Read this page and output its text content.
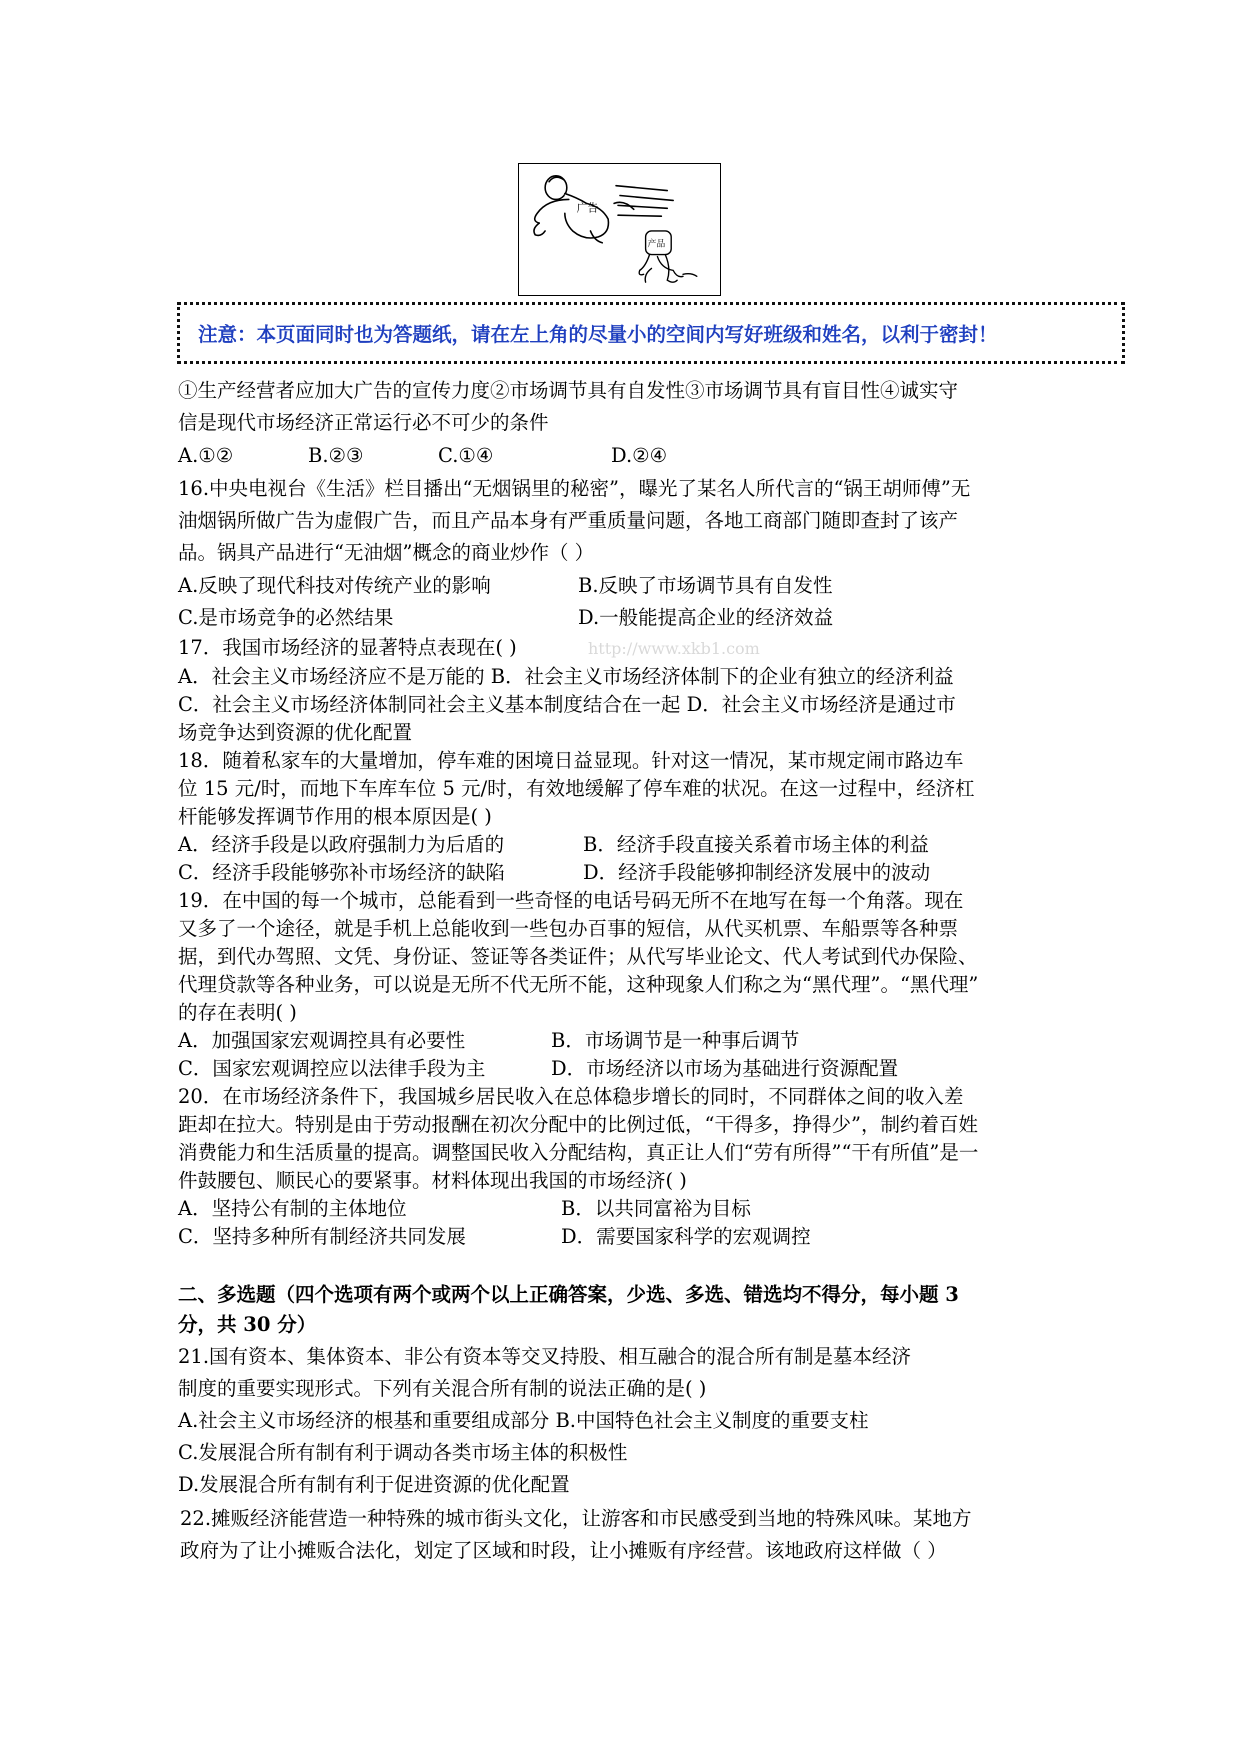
广告
产品
注意：本页面同时也为答题纸，请在左上角的尽量小的空间内写好班级和姓名，以利于密封！
①生产经营者应加大广告的宣传力度②市场调节具有自发性③市场调节具有盲目性④诚实守
信是现代市场经济正常运行必不可少的条件
A.①②	B.②③	C.①④	D.②④
16.中央电视台《生活》栏目播出“无烟锅里的秘密”，曝光了某名人所代言的“锅王胡师傅”无
油烟锅所做广告为虚假广告，而且产品本身有严重质量问题，各地工商部门随即查封了该产
品。锅具产品进行“无油烟”概念的商业炒作（ ）
A.反映了现代科技对传统产业的影响	B.反映了市场调节具有自发性
C.是市场竞争的必然结果	D.一般能提高企业的经济效益
17．我国市场经济的显著特点表现在( )	http://www.xkb1.com
A．社会主义市场经济应不是万能的 B．社会主义市场经济体制下的企业有独立的经济利益
C．社会主义市场经济体制同社会主义基本制度结合在一起 D．社会主义市场经济是通过市
场竞争达到资源的优化配置
18．随着私家车的大量增加，停车难的困境日益显现。针对这一情况，某市规定闹市路边车
位 15 元/时，而地下车库车位 5 元/时，有效地缓解了停车难的状况。在这一过程中，经济杠
杆能够发挥调节作用的根本原因是( )
A．经济手段是以政府强制力为后盾的	B．经济手段直接关系着市场主体的利益
C．经济手段能够弥补市场经济的缺陷	D．经济手段能够抑制经济发展中的波动
19．在中国的每一个城市，总能看到一些奇怪的电话号码无所不在地写在每一个角落。现在
又多了一个途径，就是手机上总能收到一些包办百事的短信，从代买机票、车船票等各种票
据，到代办驾照、文凭、身份证、签证等各类证件；从代写毕业论文、代人考试到代办保险、
代理贷款等各种业务，可以说是无所不代无所不能，这种现象人们称之为“黑代理”。“黑代理”
的存在表明( )
A．加强国家宏观调控具有必要性	B．市场调节是一种事后调节
C．国家宏观调控应以法律手段为主	D．市场经济以市场为基础进行资源配置
20．在市场经济条件下，我国城乡居民收入在总体稳步增长的同时，不同群体之间的收入差
距却在拉大。特别是由于劳动报酬在初次分配中的比例过低，“干得多，挣得少”，制约着百姓
消费能力和生活质量的提高。调整国民收入分配结构，真正让人们“劳有所得”“干有所值”是一
件鼓腰包、顺民心的要紧事。材料体现出我国的市场经济( )
A．坚持公有制的主体地位	B．以共同富裕为目标
C．坚持多种所有制经济共同发展	D．需要国家科学的宏观调控
二、多选题（四个选项有两个或两个以上正确答案，少选、多选、错选均不得分，每小题 3
分，共 30 分）
21.国有资本、集体资本、非公有资本等交叉持股、相互融合的混合所有制是墓本经济
制度的重要实现形式。下列有关混合所有制的说法正确的是( )
A.社会主义市场经济的根基和重要组成部分 B.中国特色社会主义制度的重要支柱
C.发展混合所有制有利于调动各类市场主体的积极性
D.发展混合所有制有利于促进资源的优化配置
22.摊贩经济能营造一种特殊的城市街头文化，让游客和市民感受到当地的特殊风味。某地方
政府为了让小摊贩合法化，划定了区域和时段，让小摊贩有序经营。该地政府这样做（ ）
